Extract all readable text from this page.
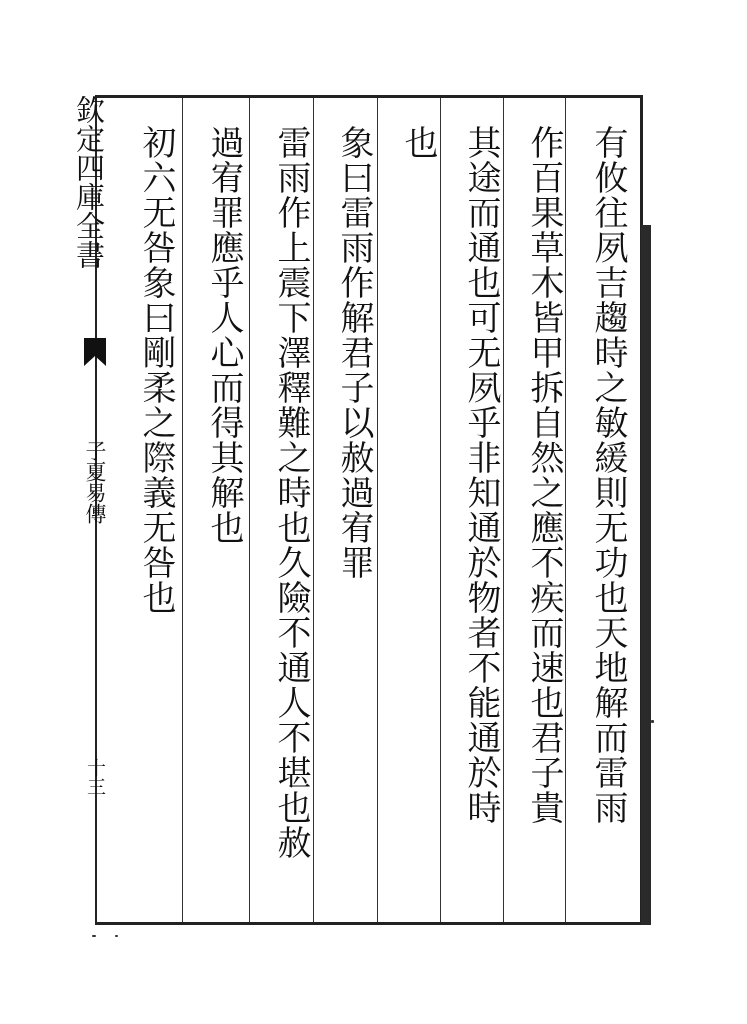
有攸往夙吉趨時之敏緩則无功也天地解而雷雨
作百果草木皆甲拆自然之應不疾而速也君子貴
其途而通也可无夙乎非知通於物者不能通於時
也
象曰雷雨作解君子以赦過宥罪
雷雨作上震下澤釋難之時也久險不通人不堪也赦
過宥罪應乎人心而得其解也
初六无咎象曰剛柔之際義无咎也
欽定四庫全書
子夏易傳
十三
